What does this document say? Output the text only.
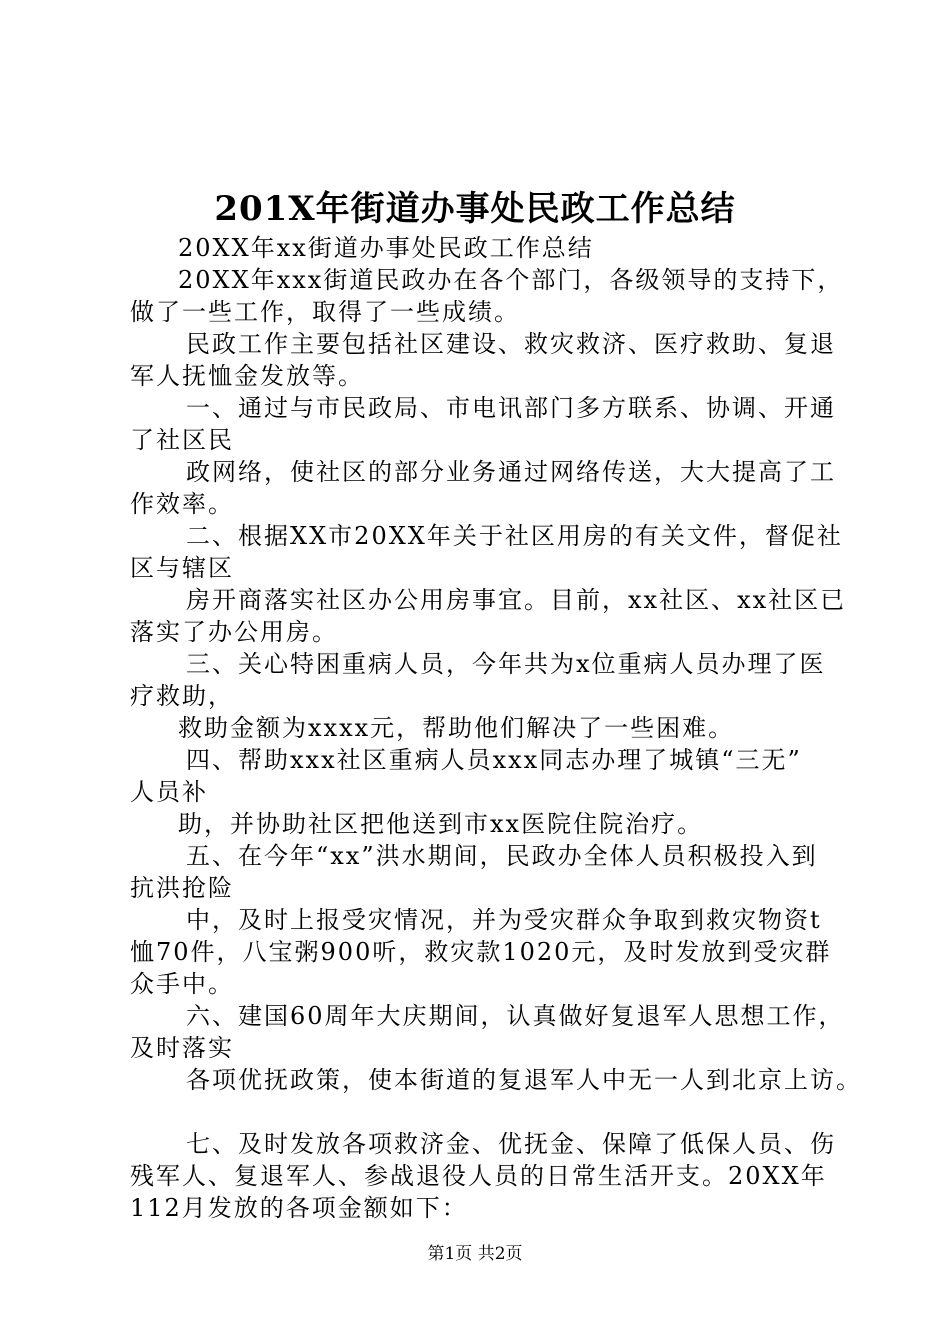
201X年街道办事处民政工作总结
20XX年xx街道办事处民政工作总结
20XX年xxx街道民政办在各个部门，各级领导的支持下，
做了一些工作，取得了一些成绩。
民政工作主要包括社区建设、救灾救济、医疗救助、复退
军人抚恤金发放等。
一、通过与市民政局、市电讯部门多方联系、协调、开通
了社区民
政网络，使社区的部分业务通过网络传送，大大提高了工
作效率。
二、根据XX市20XX年关于社区用房的有关文件，督促社
区与辖区
房开商落实社区办公用房事宜。目前，xx社区、xx社区已
落实了办公用房。
三、关心特困重病人员，今年共为x位重病人员办理了医
疗救助，
救助金额为xxxx元，帮助他们解决了一些困难。
四、帮助xxx社区重病人员xxx同志办理了城镇“三无”
人员补
助，并协助社区把他送到市xx医院住院治疗。
五、在今年“xx”洪水期间，民政办全体人员积极投入到
抗洪抢险
中，及时上报受灾情况，并为受灾群众争取到救灾物资t
恤70件，八宝粥900听，救灾款1020元，及时发放到受灾群
众手中。
六、建国60周年大庆期间，认真做好复退军人思想工作，
及时落实
各项优抚政策，使本街道的复退军人中无一人到北京上访。
七、及时发放各项救济金、优抚金、保障了低保人员、伤
残军人、复退军人、参战退役人员的日常生活开支。20XX年
112月发放的各项金额如下：
第1页 共2页
